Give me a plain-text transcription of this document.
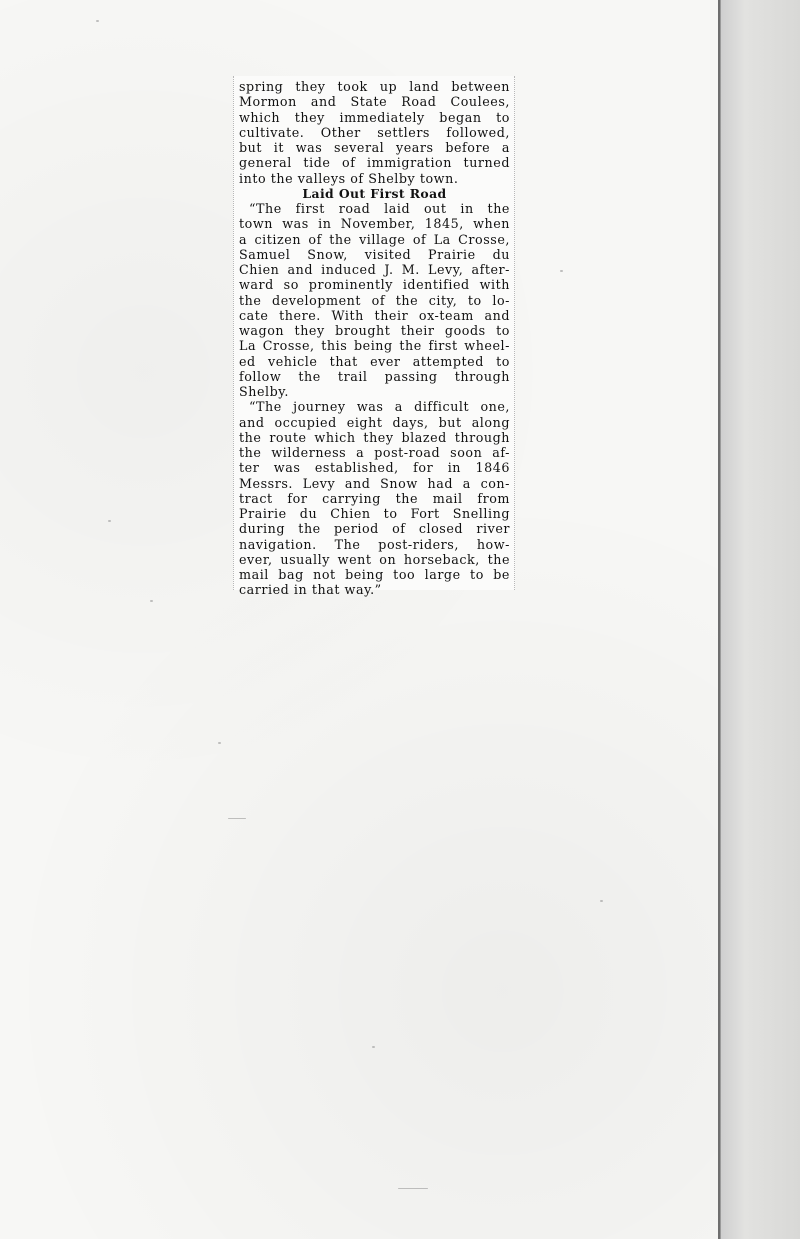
spring they took up land between
Mormon and State Road Coulees,
which they immediately began to
cultivate. Other settlers followed,
but it was several years before a
general tide of immigration turned
into the valleys of Shelby town.
Laid Out First Road
“The first road laid out in the
town was in November, 1845, when
a citizen of the village of La Crosse,
Samuel Snow, visited Prairie du
Chien and induced J. M. Levy, after-
ward so prominently identified with
the development of the city, to lo-
cate there. With their ox-team and
wagon they brought their goods to
La Crosse, this being the first wheel-
ed vehicle that ever attempted to
follow the trail passing through
Shelby.
“The journey was a difficult one,
and occupied eight days, but along
the route which they blazed through
the wilderness a post-road soon af-
ter was established, for in 1846
Messrs. Levy and Snow had a con-
tract for carrying the mail from
Prairie du Chien to Fort Snelling
during the period of closed river
navigation. The post-riders, how-
ever, usually went on horseback, the
mail bag not being too large to be
carried in that way.”
